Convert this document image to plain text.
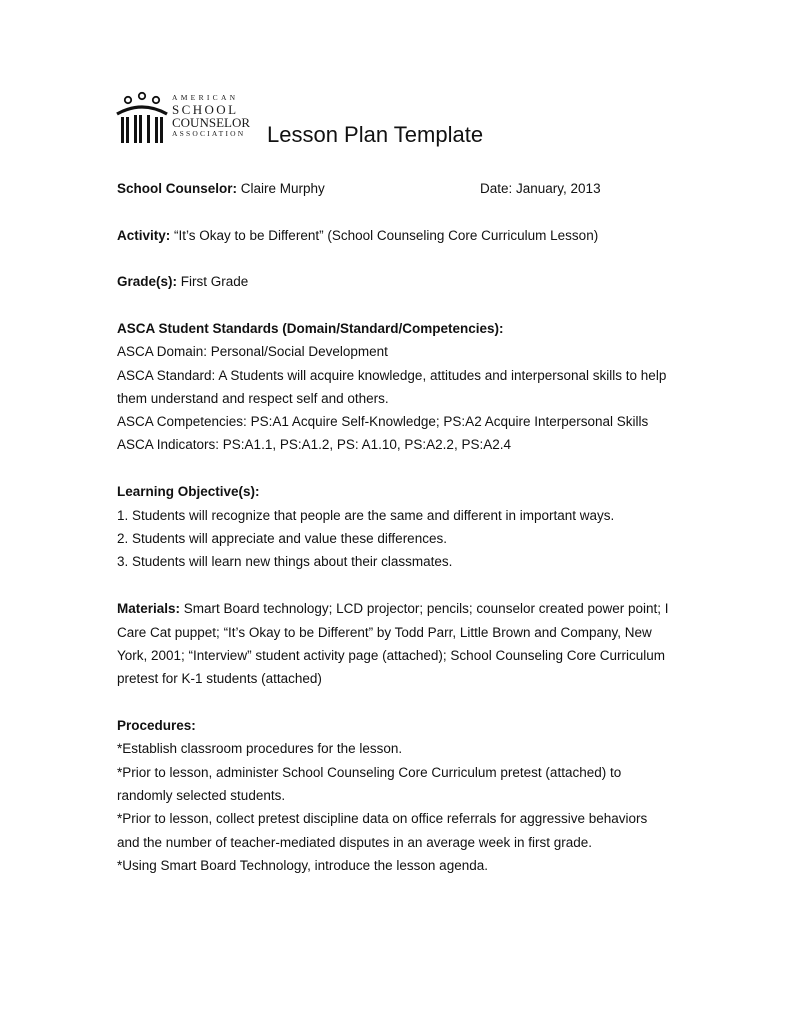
AMERICAN
SCHOOL
COUNSELOR
ASSOCIATION Lesson Plan Template
School Counselor: Claire Murphy	Date: January, 2013
Activity: “It’s Okay to be Different” (School Counseling Core Curriculum Lesson)
Grade(s): First Grade
ASCA Student Standards (Domain/Standard/Competencies):
ASCA Domain: Personal/Social Development
ASCA Standard: A Students will acquire knowledge, attitudes and interpersonal skills to help
them understand and respect self and others.
ASCA Competencies: PS:A1 Acquire Self-Knowledge; PS:A2 Acquire Interpersonal Skills
ASCA Indicators: PS:A1.1, PS:A1.2, PS: A1.10, PS:A2.2, PS:A2.4
Learning Objective(s):
1. Students will recognize that people are the same and different in important ways.
2. Students will appreciate and value these differences.
3. Students will learn new things about their classmates.
Materials: Smart Board technology; LCD projector; pencils; counselor created power point; I
Care Cat puppet; “It’s Okay to be Different” by Todd Parr, Little Brown and Company, New
York, 2001; “Interview” student activity page (attached); School Counseling Core Curriculum
pretest for K-1 students (attached)
Procedures:
*Establish classroom procedures for the lesson.
*Prior to lesson, administer School Counseling Core Curriculum pretest (attached) to
randomly selected students.
*Prior to lesson, collect pretest discipline data on office referrals for aggressive behaviors
and the number of teacher-mediated disputes in an average week in first grade.
*Using Smart Board Technology, introduce the lesson agenda.
